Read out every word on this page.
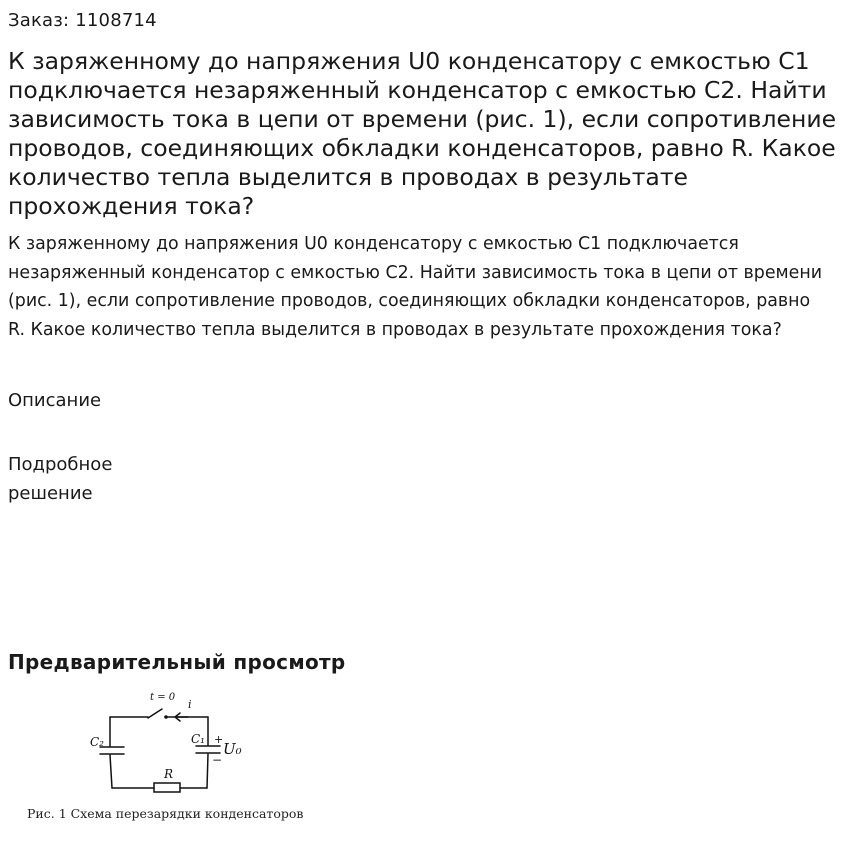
Заказ: 1108714
К заряженному до напряжения U0 конденсатору с емкостью C1 подключается незаряженный конденсатор с емкостью C2. Найти зависимость тока в цепи от времени (рис. 1), если сопротивление проводов, соединяющих обкладки конденсаторов, равно R. Какое количество тепла выделится в проводах в результате прохождения тока?

К заряженному до напряжения U0 конденсатору с емкостью C1 подключается незаряженный конденсатор с емкостью C2. Найти зависимость тока в цепи от времени (рис. 1), если сопротивление проводов, соединяющих обкладки конденсаторов, равно R. Какое количество тепла выделится в проводах в результате прохождения тока?

Описание
Подробное решение
Предварительный просмотр
t = 0
i
C₂	C₁ +
−
U₀
R
Рис. 1 Схема перезарядки конденсаторов
